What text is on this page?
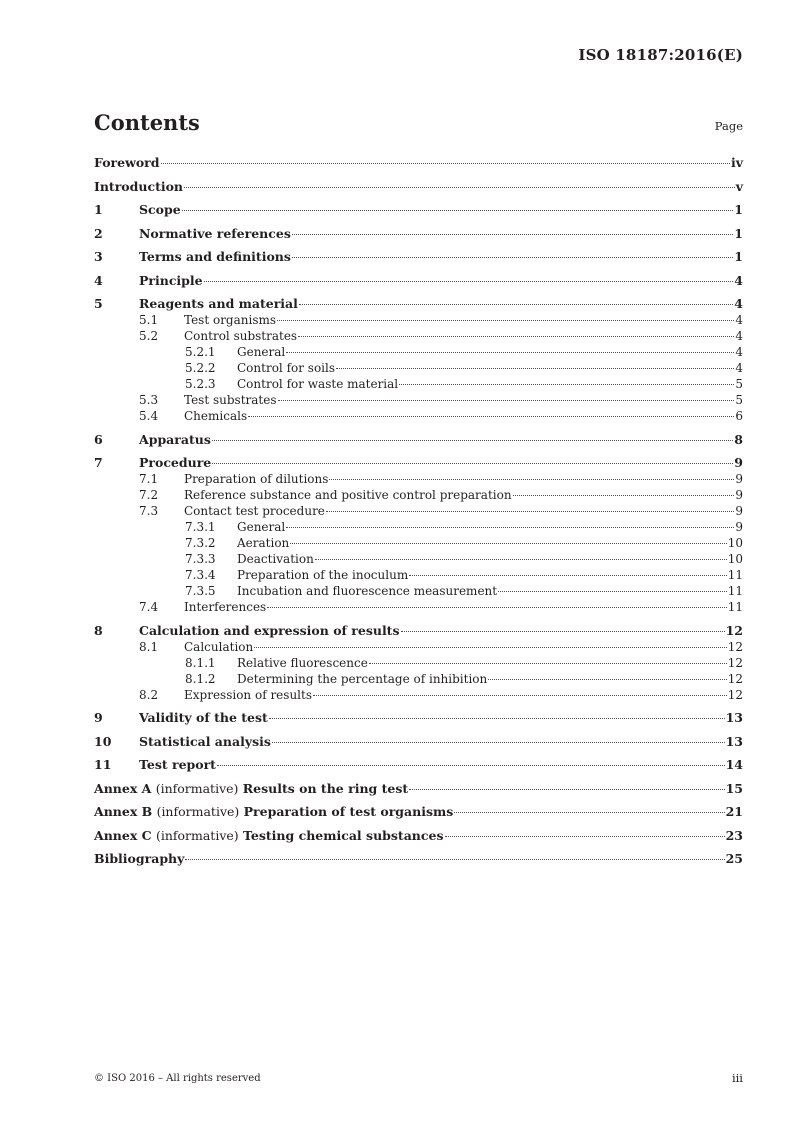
ISO 18187:2016(E)
Contents	Page
Foreword	iv
Introduction	v
1	Scope	1
2	Normative references	1
3	Terms and definitions	1
4	Principle	4
5	Reagents and material	4
5.1	Test organisms	4
5.2	Control substrates	4
5.2.1	General	4
5.2.2	Control for soils	4
5.2.3	Control for waste material	5
5.3	Test substrates	5
5.4	Chemicals	6
6	Apparatus	8
7	Procedure	9
7.1	Preparation of dilutions	9
7.2	Reference substance and positive control preparation	9
7.3	Contact test procedure	9
7.3.1	General	9
7.3.2	Aeration	10
7.3.3	Deactivation	10
7.3.4	Preparation of the inoculum	11
7.3.5	Incubation and fluorescence measurement	11
7.4	Interferences	11
8	Calculation and expression of results	12
8.1	Calculation	12
8.1.1	Relative fluorescence	12
8.1.2	Determining the percentage of inhibition	12
8.2	Expression of results	12
9	Validity of the test	13
10	Statistical analysis	13
11	Test report	14
Annex A (informative) Results on the ring test	15
Annex B (informative) Preparation of test organisms	21
Annex C (informative) Testing chemical substances	23
Bibliography	25
© ISO 2016 – All rights reserved	iii
